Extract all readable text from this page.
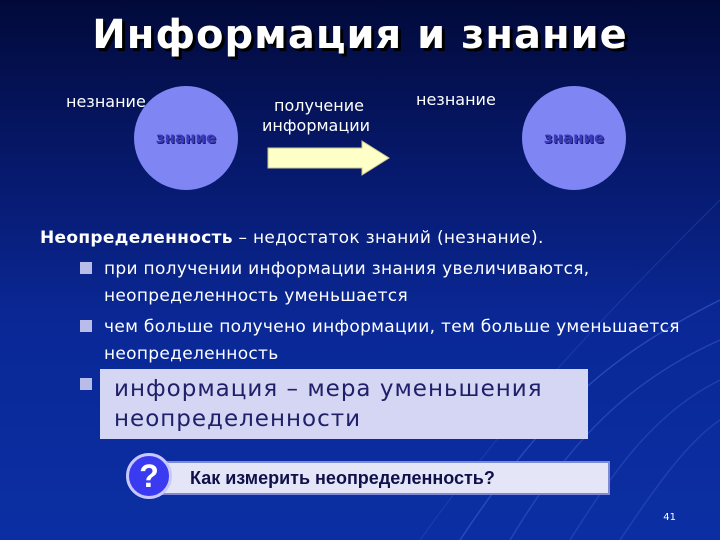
Информация и знание
незнание
знание
получение
информации
незнание
знание
Неопределенность – недостаток знаний (незнание).
при получении информации знания увеличиваются, неопределенность уменьшается
чем больше получено информации, тем больше уменьшается неопределенность
информация – мера уменьшения неопределенности
Как измерить неопределенность?
?
41
